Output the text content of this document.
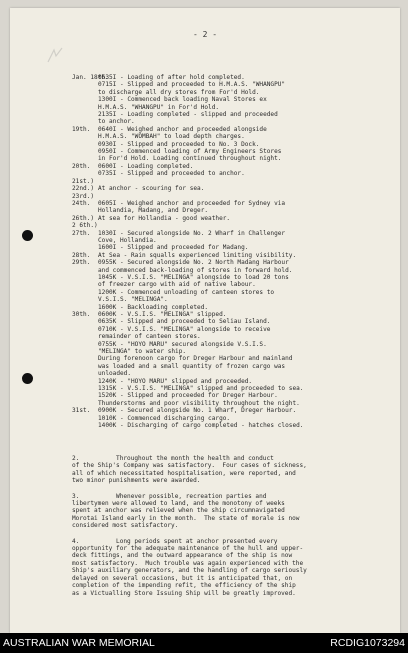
- 2 -
Jan. 18th.
0635I - Loading of after hold completed.
0715I - Slipped and proceeded to H.M.A.S. "WHANGPU"
to discharge all dry stores from For'd Hold.
1300I - Commenced back loading Naval Stores ex
H.M.A.S. "WHANGPU" in For'd Hold.
2135I - Loading completed - slipped and proceeded
to anchor.
19th.	0640I - Weighed anchor and proceeded alongside
H.M.A.S. "WOMBAH" to load depth charges.
0930I - Slipped and proceeded to No. 3 Dock.
0950I - Commenced loading of Army Engineers Stores
in For'd Hold. Loading continued throughout night.
20th.	0600I - Loading completed.
0735I - Slipped and proceeded to anchor.
21st.)
22nd.) At anchor - scouring for sea.
23rd.)
24th.	0605I - Weighed anchor and proceeded for Sydney via
Hollandia, Madang, and Dreger.
26th.) At sea for Hollandia - good weather.
2 6th.)
27th.	1030I - Secured alongside No. 2 Wharf in Challenger
Cove, Hollandia.
1600I - Slipped and proceeded for Madang.
28th.	At Sea - Rain squalls experienced limiting visibility.
29th.	0955K - Secured alongside No. 2 North Madang Harbour
and commenced back-loading of stores in forward hold.
1045K - V.S.I.S. "MELINGA" alongside to load 20 tons
of freezer cargo with aid of native labour.
1200K - Commenced unloading of canteen stores to
V.S.I.S. "MELINGA".
1600K - Backloading completed.
30th.	0600K - V.S.I.S. "MELINGA" slipped.
0635K - Slipped and proceeded to Seliau Island.
0710K - V.S.I.S. "MELINGA" alongside to receive
remainder of canteen stores.
0755K - "HOYO MARU" secured alongside V.S.I.S.
"MELINGA" to water ship.
During forenoon cargo for Dreger Harbour and mainland
was loaded and a small quantity of frozen cargo was
unloaded.
1240K - "HOYO MARU" slipped and proceeded.
1315K - V.S.I.S. "MELINGA" slipped and proceeded to sea.
1520K - Slipped and proceeded for Dreger Harbour.
Thunderstorms and poor visibility throughout the night.
31st.	0900K - Secured alongside No. 1 Wharf, Dreger Harbour.
1010K - Commenced discharging cargo.
1400K - Discharging of cargo completed - hatches closed.
2.          Throughout the month the health and conduct
of the Ship's Company was satisfactory.  Four cases of sickness,
all of which necessitated hospitalisation, were reported, and
two minor punishments were awarded.
3.          Whenever possible, recreation parties and
libertymen were allowed to land, and the monotony of weeks
spent at anchor was relieved when the ship circumnavigated
Morotai Island early in the month.  The state of morale is now
considered most satisfactory.
4.          Long periods spent at anchor presented every
opportunity for the adequate maintenance of the hull and upper-
deck fittings, and the outward appearance of the ship is now
most satisfactory.  Much trouble was again experienced with the
Ship's auxiliary generators, and the handling of cargo seriously
delayed on several occasions, but it is anticipated that, on
completion of the impending refit, the efficiency of the ship
as a Victualling Store Issuing Ship will be greatly improved.
AUSTRALIAN WAR MEMORIAL	RCDIG1073294
